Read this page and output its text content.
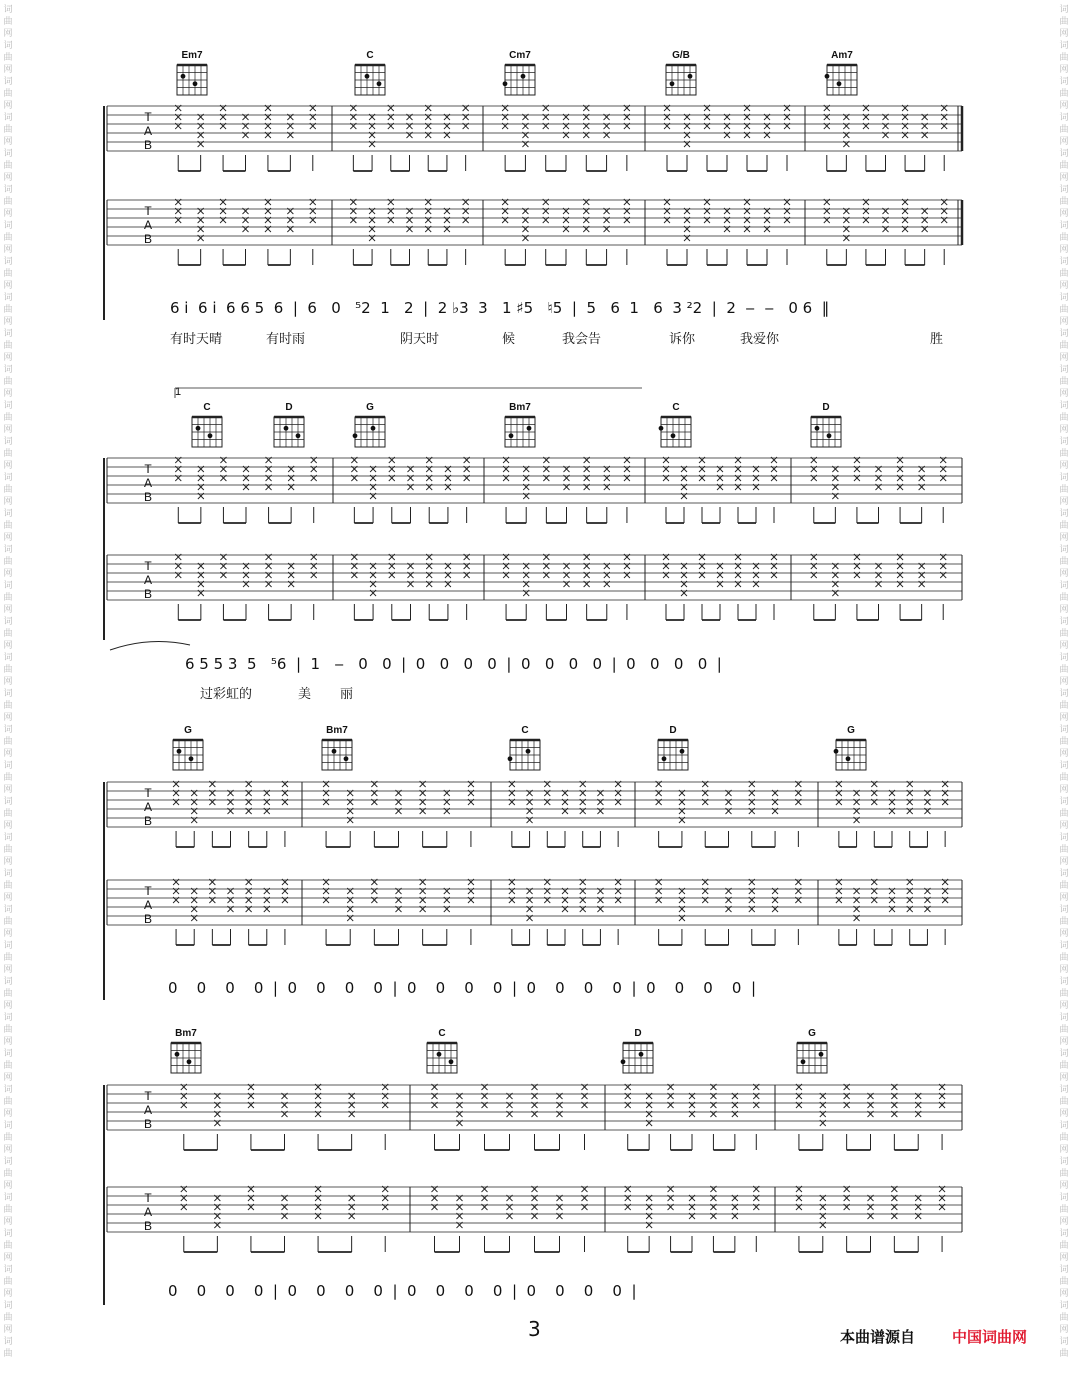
词
曲
网
词
曲
网
词
曲
网
词
曲
网
词
曲
网
词
曲
网
词
曲
网
词
曲
网
词
曲
网
词
曲
网
词
曲
网
词
曲
网
词
曲
网
词
曲
网
词
曲
网
词
曲
网
词
曲
网
词
曲
网
词
曲
网
词
曲
网
词
曲
网
词
曲
网
词
曲
网
词
曲
网
词
曲
网
词
曲
网
词
曲
网
词
曲
网
词
曲
网
词
曲
网
词
曲
网
词
曲
网
词
曲
网
词
曲
网
词
曲
网
词
曲
网
词
曲
网
词
曲
词
曲
网
词
曲
网
词
曲
网
词
曲
网
词
曲
网
词
曲
网
词
曲
网
词
曲
网
词
曲
网
词
曲
网
词
曲
网
词
曲
网
词
曲
网
词
曲
网
词
曲
网
词
曲
网
词
曲
网
词
曲
网
词
曲
网
词
曲
网
词
曲
网
词
曲
网
词
曲
网
词
曲
网
词
曲
网
词
曲
网
词
曲
网
词
曲
网
词
曲
网
词
曲
网
词
曲
网
词
曲
网
词
曲
网
词
曲
网
词
曲
网
词
曲
网
词
曲
网
词
曲
T
A
B
T
A
B
T
A
B
T
A
B
T
A
B
T
A
B
T
A
B
T
A
B
Em7	C	Cm7	G/B	Am7
C	D	G	Bm7	C	D
G	Bm7	C	D	G
Bm7	C	D	G
1
6 i  6 i  6 6 5  6  |  6   0   ⁵2  1   2  |  2 ♭3  3   1 ♯5   ♮5  |  5   6  1   6  3 ²2  |  2  ‒  ‒   0 6  ‖
有时天晴	有时雨	阴天时	候	我会告	诉你	我爱你	胜
6 5 5 3  5   ⁵6  |  1   ‒   0   0  |  0   0   0   0  |  0   0   0   0  |  0   0   0   0  |
过彩虹的	美 丽
0    0    0    0  |  0    0    0    0  |  0    0    0    0  |  0    0    0    0  |  0    0    0    0  |
0    0    0    0  |  0    0    0    0  |  0    0    0    0  |  0    0    0    0  |
3	本曲谱源自 中国词曲网
